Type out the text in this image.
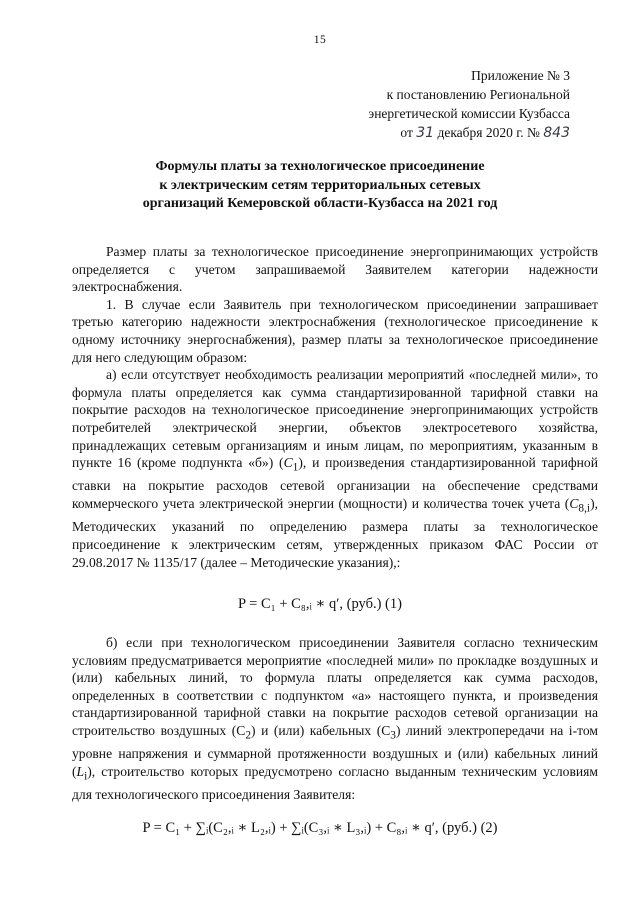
15
Приложение № 3
к постановлению Региональной
энергетической комиссии Кузбасса
от 31 декабря 2020 г. № 843
Формулы платы за технологическое присоединение
к электрическим сетям территориальных сетевых
организаций Кемеровской области-Кузбасса на 2021 год

Размер платы за технологическое присоединение энергопринимающих устройств определяется с учетом запрашиваемой Заявителем категории надежности электроснабжения.

1. В случае если Заявитель при технологическом присоединении запрашивает третью категорию надежности электроснабжения (технологическое присоединение к одному источнику энергоснабжения), размер платы за технологическое присоединение для него следующим образом:

а) если отсутствует необходимость реализации мероприятий «последней мили», то формула платы определяется как сумма стандартизированной тарифной ставки на покрытие расходов на технологическое присоединение энергопринимающих устройств потребителей электрической энергии, объектов электросетевого хозяйства, принадлежащих сетевым организациям и иным лицам, по мероприятиям, указанным в пункте 16 (кроме подпункта «б») $(C_1)$, и произведения стандартизированной тарифной ставки на покрытие расходов сетевой организации на обеспечение средствами коммерческого учета электрической энергии (мощности) и количества точек учета $(C_{8,i})$, Методических указаний по определению размера платы за технологическое присоединение к электрическим сетям, утвержденных приказом ФАС России от 29.08.2017 № 1135/17 (далее – Методические указания),:

P = C₁ + C₈,ᵢ ∗ q′, (руб.) (1)

б) если при технологическом присоединении Заявителя согласно техническим условиям предусматривается мероприятие «последней мили» по прокладке воздушных и (или) кабельных линий, то формула платы определяется как сумма расходов, определенных в соответствии с подпунктом «а» настоящего пункта, и произведения стандартизированной тарифной ставки на покрытие расходов сетевой организации на строительство воздушных $(С_2)$ и (или) кабельных $(С_3)$ линий электропередачи на i-том уровне напряжения и суммарной протяженности воздушных и (или) кабельных линий $(L_i)$, строительство которых предусмотрено согласно выданным техническим условиям для технологического присоединения Заявителя:

P = C₁ + ∑ᵢ(C₂,ᵢ ∗ L₂,ᵢ) + ∑ᵢ(C₃,ᵢ ∗ L₃,ᵢ) + C₈,ᵢ ∗ q′, (руб.) (2)
